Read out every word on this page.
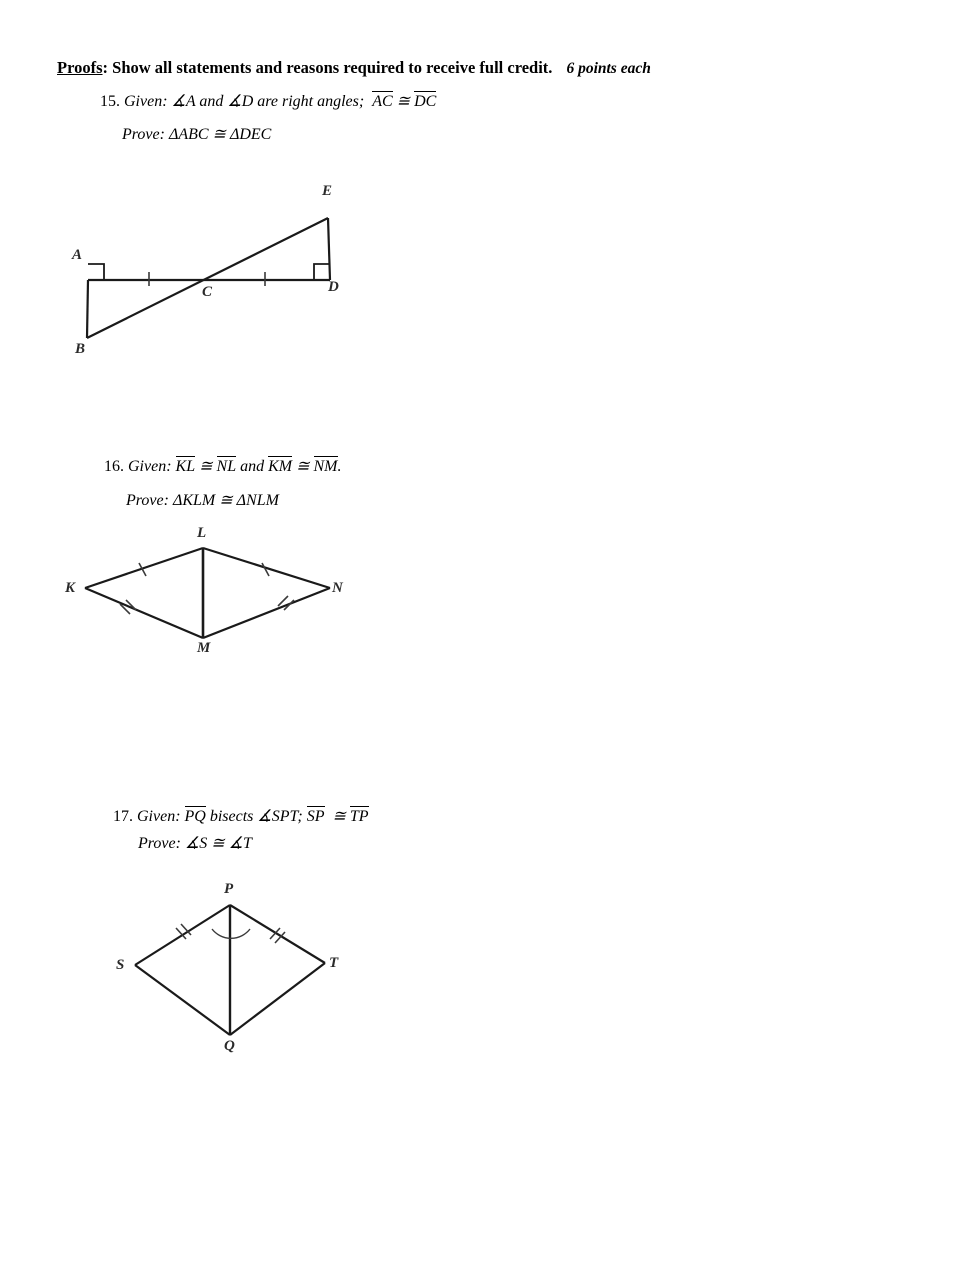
Proofs: Show all statements and reasons required to receive full credit. 6 points each
15. Given: ∡A and ∡D are right angles; AC ≅ DC
Prove: ΔABC ≅ ΔDEC
E
A
C	D
B
16. Given: KL ≅ NL and KM ≅ NM.
Prove: ΔKLM ≅ ΔNLM
L
K	N
M
17. Given: PQ bisects ∡SPT; SP ≅ TP
Prove: ∡S ≅ ∡T
P
S	T
Q
